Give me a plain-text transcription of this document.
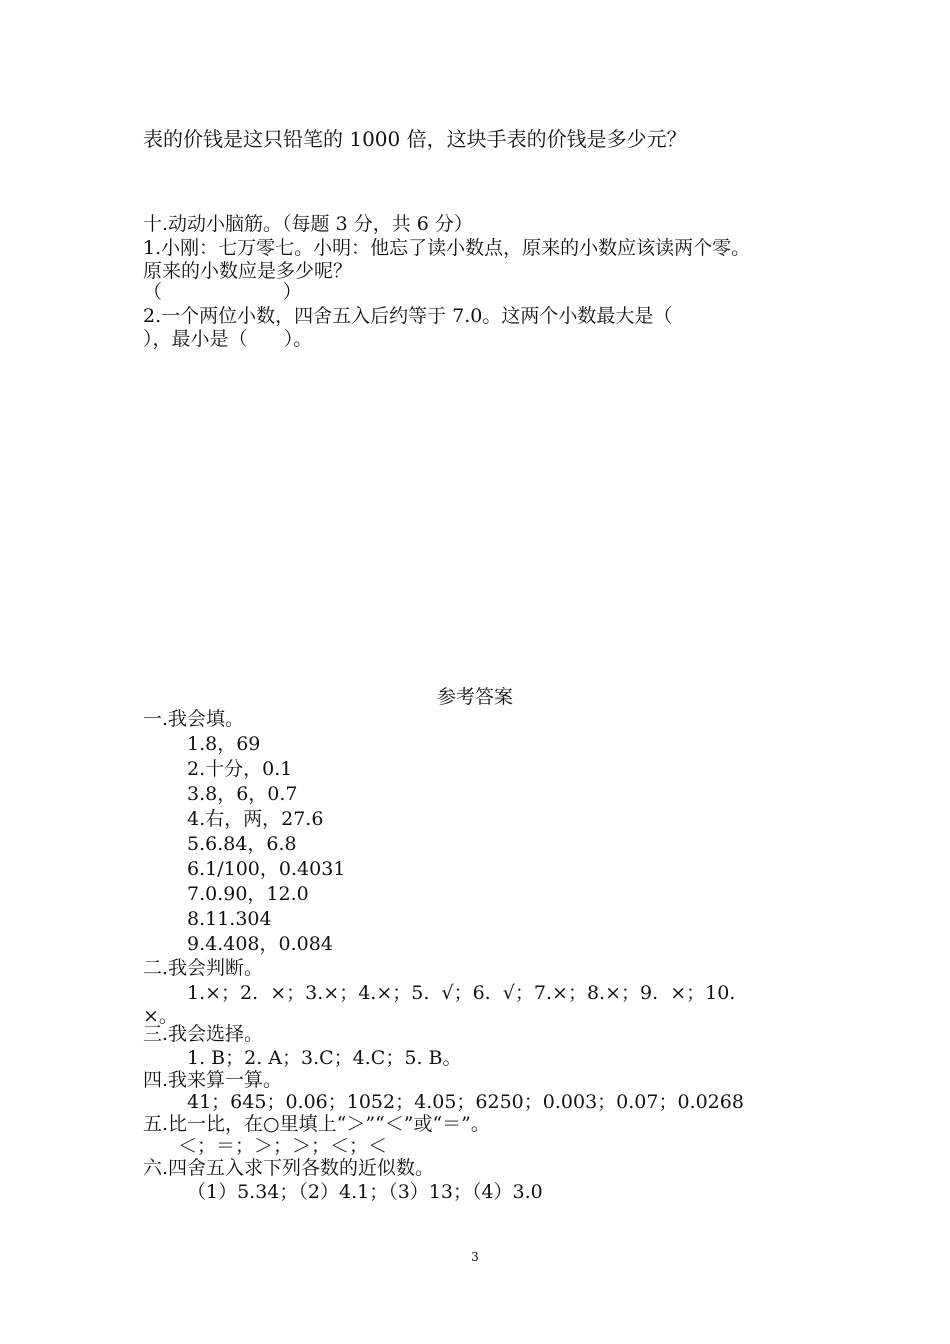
表的价钱是这只铅笔的 1000 倍，这块手表的价钱是多少元？
十.动动小脑筋。（每题 3 分，共 6 分）
1.小刚：七万零七。小明：他忘了读小数点，原来的小数应该读两个零。
原来的小数应是多少呢？
（                    ）
2.一个两位小数，四舍五入后约等于 7.0。这两个小数最大是（
），最小是（      ）。
参考答案
一.我会填。
1.8，69
2.十分，0.1
3.8，6，0.7
4.右，两，27.6
5.6.84，6.8
6.1/100，0.4031
7.0.90，12.0
8.11.304
9.4.408，0.084
二.我会判断。
1.×；2.  ×；3.×；4.×；5.  √；6.  √；7.×；8.×；9.  ×；10.
×。
三.我会选择。
1. B；2. A；3.C；4.C；5. B。
四.我来算一算。
41；645；0.06；1052；4.05；6250；0.003；0.07；0.0268
五.比一比，在○里填上“＞”“＜”或“＝”。
＜；＝；＞；＞；＜；＜
六.四舍五入求下列各数的近似数。
（1）5.34；（2）4.1；（3）13；（4）3.0
3
